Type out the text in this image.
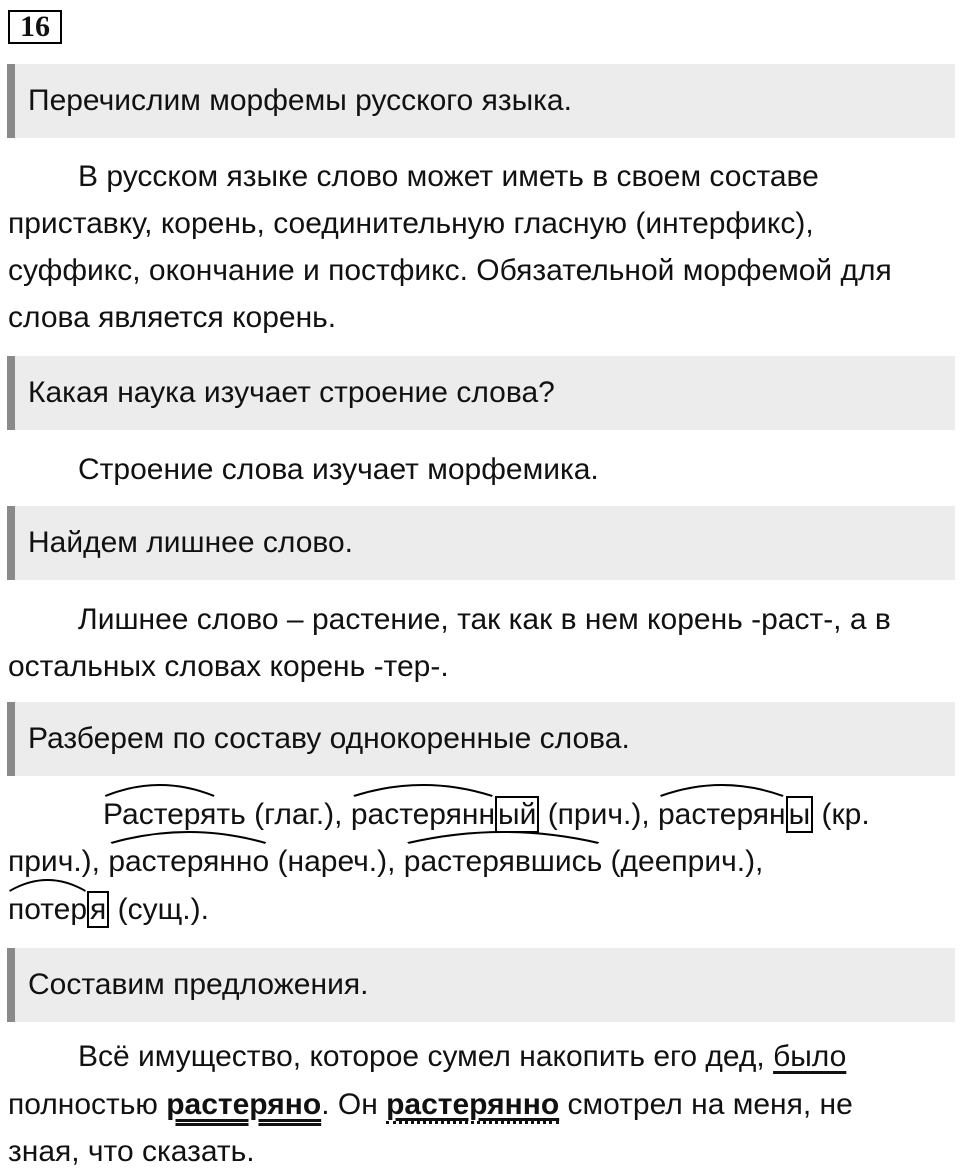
16
Перечислим морфемы русского языка.

В русском языке слово может иметь в своем составе приставку, корень, соединительную гласную (интерфикс), суффикс, окончание и постфикс. Обязательной морфемой для слова является корень.

Какая наука изучает строение слова?

Строение слова изучает морфемика.

Найдем лишнее слово.

Лишнее слово – растение, так как в нем корень -раст-, а в остальных словах корень -тер-.

Разберем по составу однокоренные слова.
Растерять (глаг.),
растерянн ый (прич.),
растерян ы (кр.
прич.),
растерянно (нареч.),
растерявшись (дееприч.),
потер я (сущ.).
Составим предложения.
Всё имущество, которое сумел накопить его дед, было
полностью растеряно. Он растерянно смотрел на меня, не
зная, что сказать.
